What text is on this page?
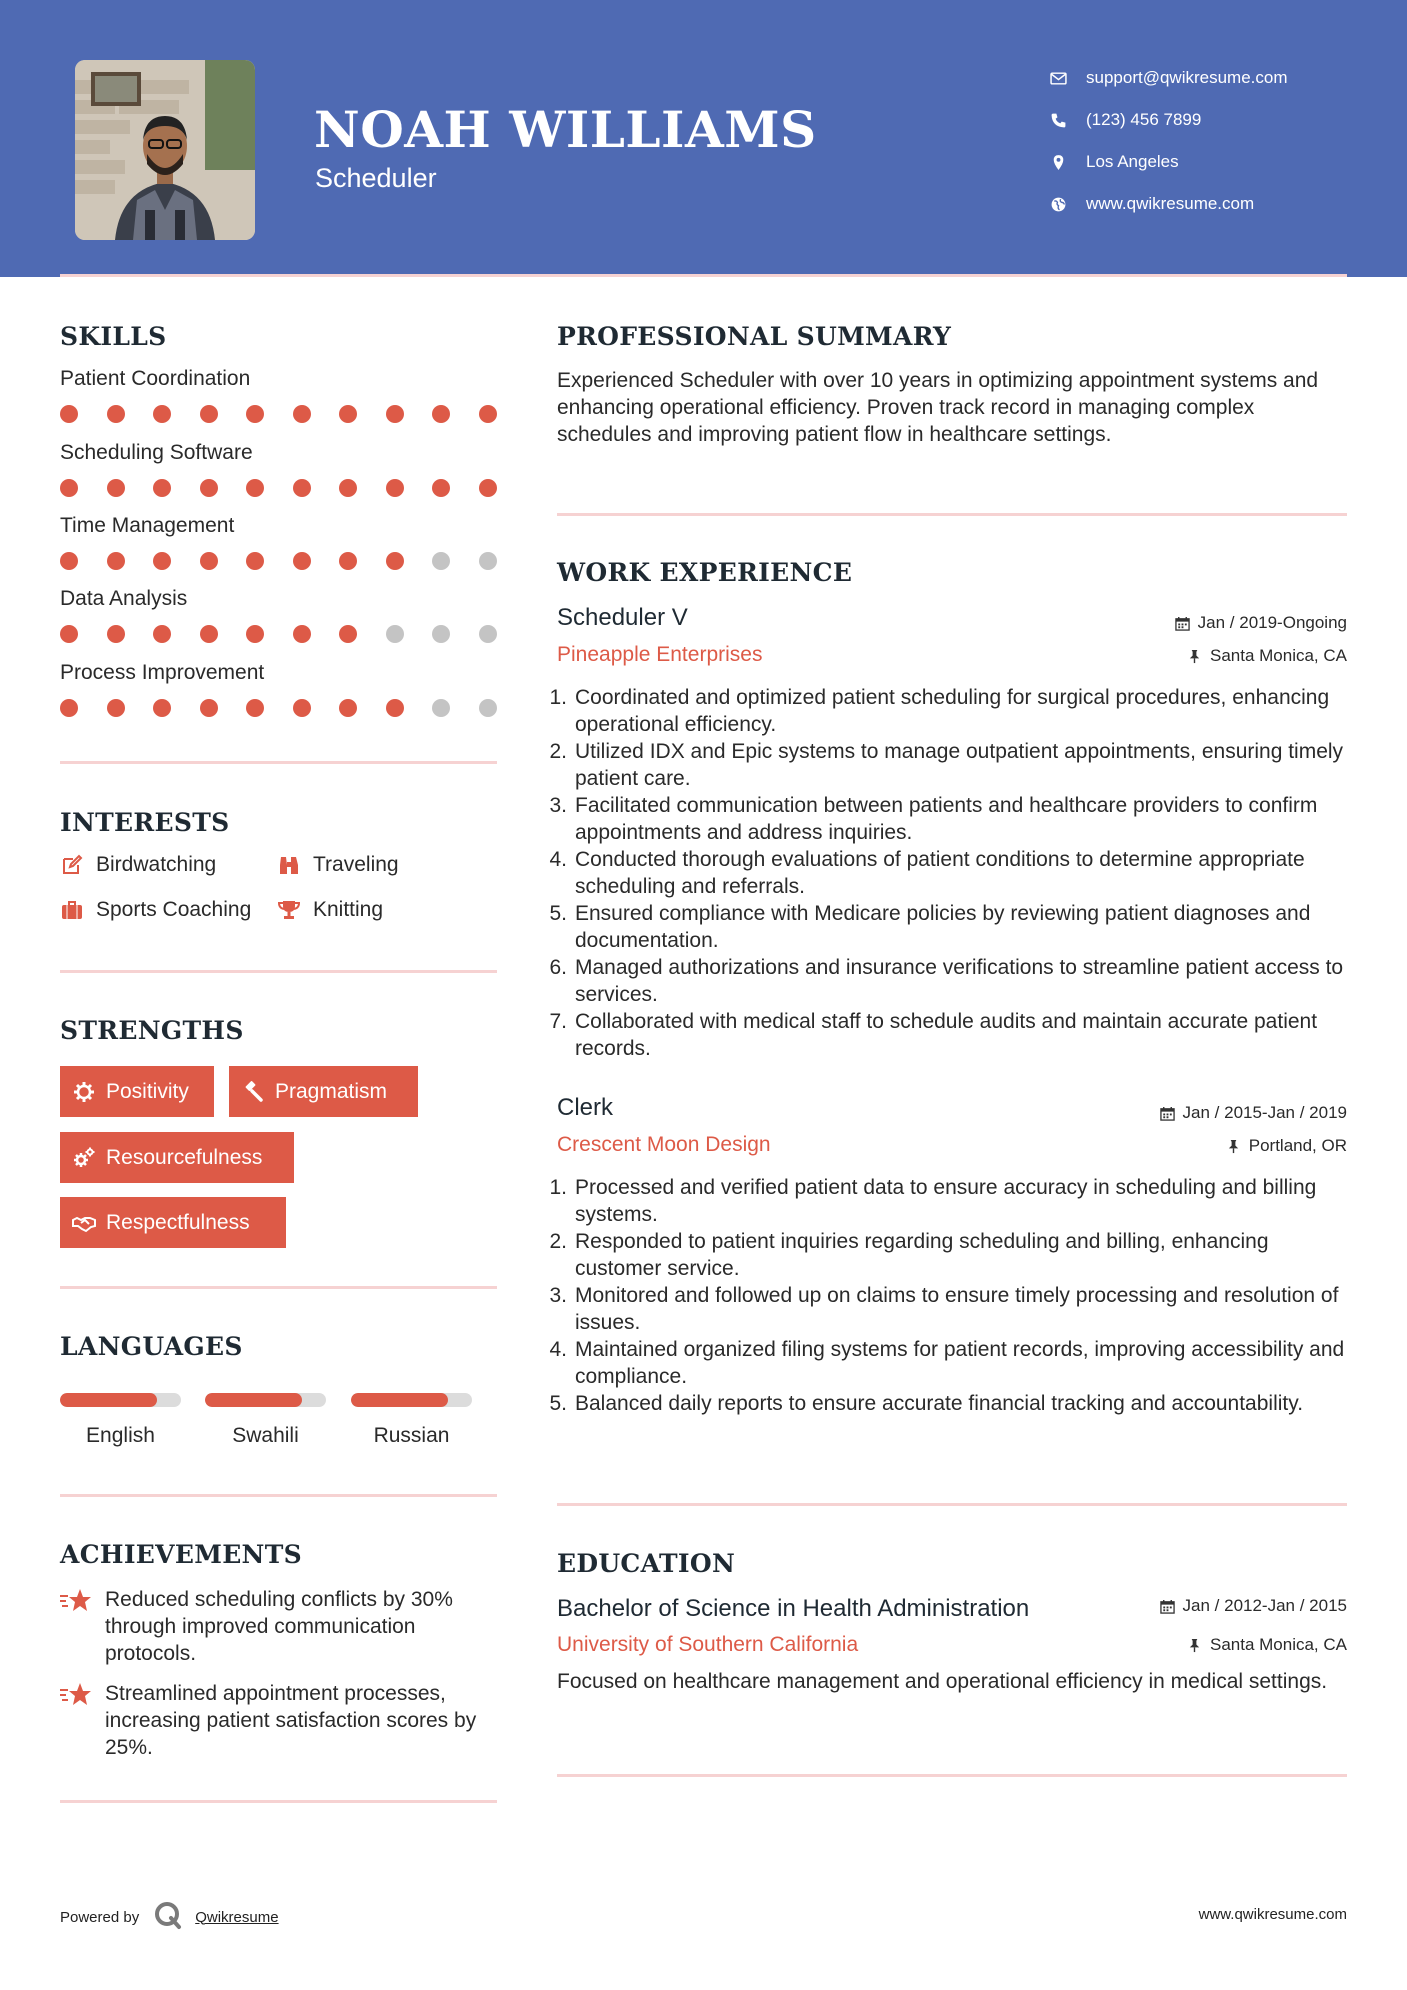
NOAH WILLIAMS
Scheduler
support@qwikresume.com
(123) 456 7899
Los Angeles
www.qwikresume.com
SKILLS
Patient Coordination
Scheduling Software
Time Management
Data Analysis
Process Improvement
INTERESTS
Birdwatching	Traveling
Sports Coaching	Knitting
STRENGTHS
Positivity	Pragmatism
Resourcefulness
Respectfulness
LANGUAGES
English	Swahili	Russian
ACHIEVEMENTS
Reduced scheduling conflicts by 30% through improved communication protocols.
Streamlined appointment processes, increasing patient satisfaction scores by 25%.
PROFESSIONAL SUMMARY
Experienced Scheduler with over 10 years in optimizing appointment systems and enhancing operational efficiency. Proven track record in managing complex schedules and improving patient flow in healthcare settings.
WORK EXPERIENCE
Scheduler V	Jan / 2019-Ongoing
Pineapple Enterprises	Santa Monica, CA
1. Coordinated and optimized patient scheduling for surgical procedures, enhancing operational efficiency.
2. Utilized IDX and Epic systems to manage outpatient appointments, ensuring timely patient care.
3. Facilitated communication between patients and healthcare providers to confirm appointments and address inquiries.
4. Conducted thorough evaluations of patient conditions to determine appropriate scheduling and referrals.
5. Ensured compliance with Medicare policies by reviewing patient diagnoses and documentation.
6. Managed authorizations and insurance verifications to streamline patient access to services.
7. Collaborated with medical staff to schedule audits and maintain accurate patient records.
Clerk	Jan / 2015-Jan / 2019
Crescent Moon Design	Portland, OR
1. Processed and verified patient data to ensure accuracy in scheduling and billing systems.
2. Responded to patient inquiries regarding scheduling and billing, enhancing customer service.
3. Monitored and followed up on claims to ensure timely processing and resolution of issues.
4. Maintained organized filing systems for patient records, improving accessibility and compliance.
5. Balanced daily reports to ensure accurate financial tracking and accountability.
EDUCATION
Bachelor of Science in Health Administration	Jan / 2012-Jan / 2015
University of Southern California	Santa Monica, CA
Focused on healthcare management and operational efficiency in medical settings.
Powered by	Qwikresume	www.qwikresume.com
